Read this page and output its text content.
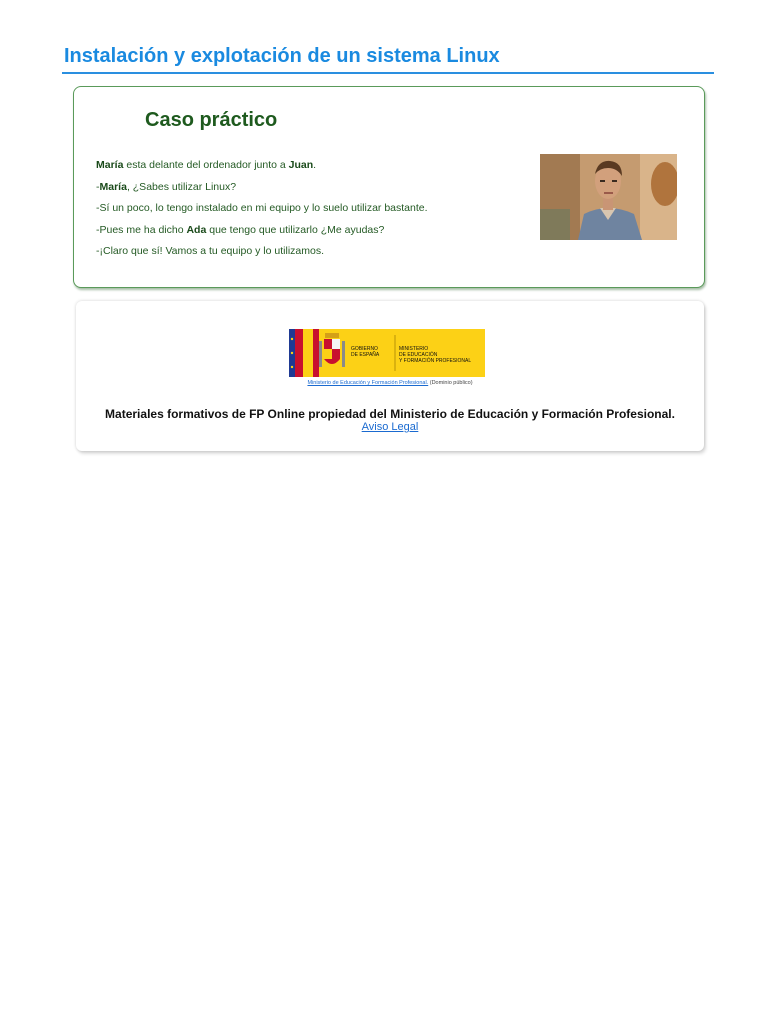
Instalación y explotación de un sistema Linux
Caso práctico

María esta delante del ordenador junto a Juan.

-María, ¿Sabes utilizar Linux?

-Sí un poco, lo tengo instalado en mi equipo y lo suelo utilizar bastante.

-Pues me ha dicho Ada que tengo que utilizarlo ¿Me ayudas?

-¡Claro que sí! Vamos a tu equipo y lo utilizamos.

GOBIERNO
DE ESPAÑA
MINISTERIO
DE EDUCACIÓN
Y FORMACIÓN PROFESIONAL
Ministerio de Educación y Formación Profesional. (Dominio público)
Materiales formativos de FP Online propiedad del Ministerio de Educación y Formación Profesional.
Aviso Legal
